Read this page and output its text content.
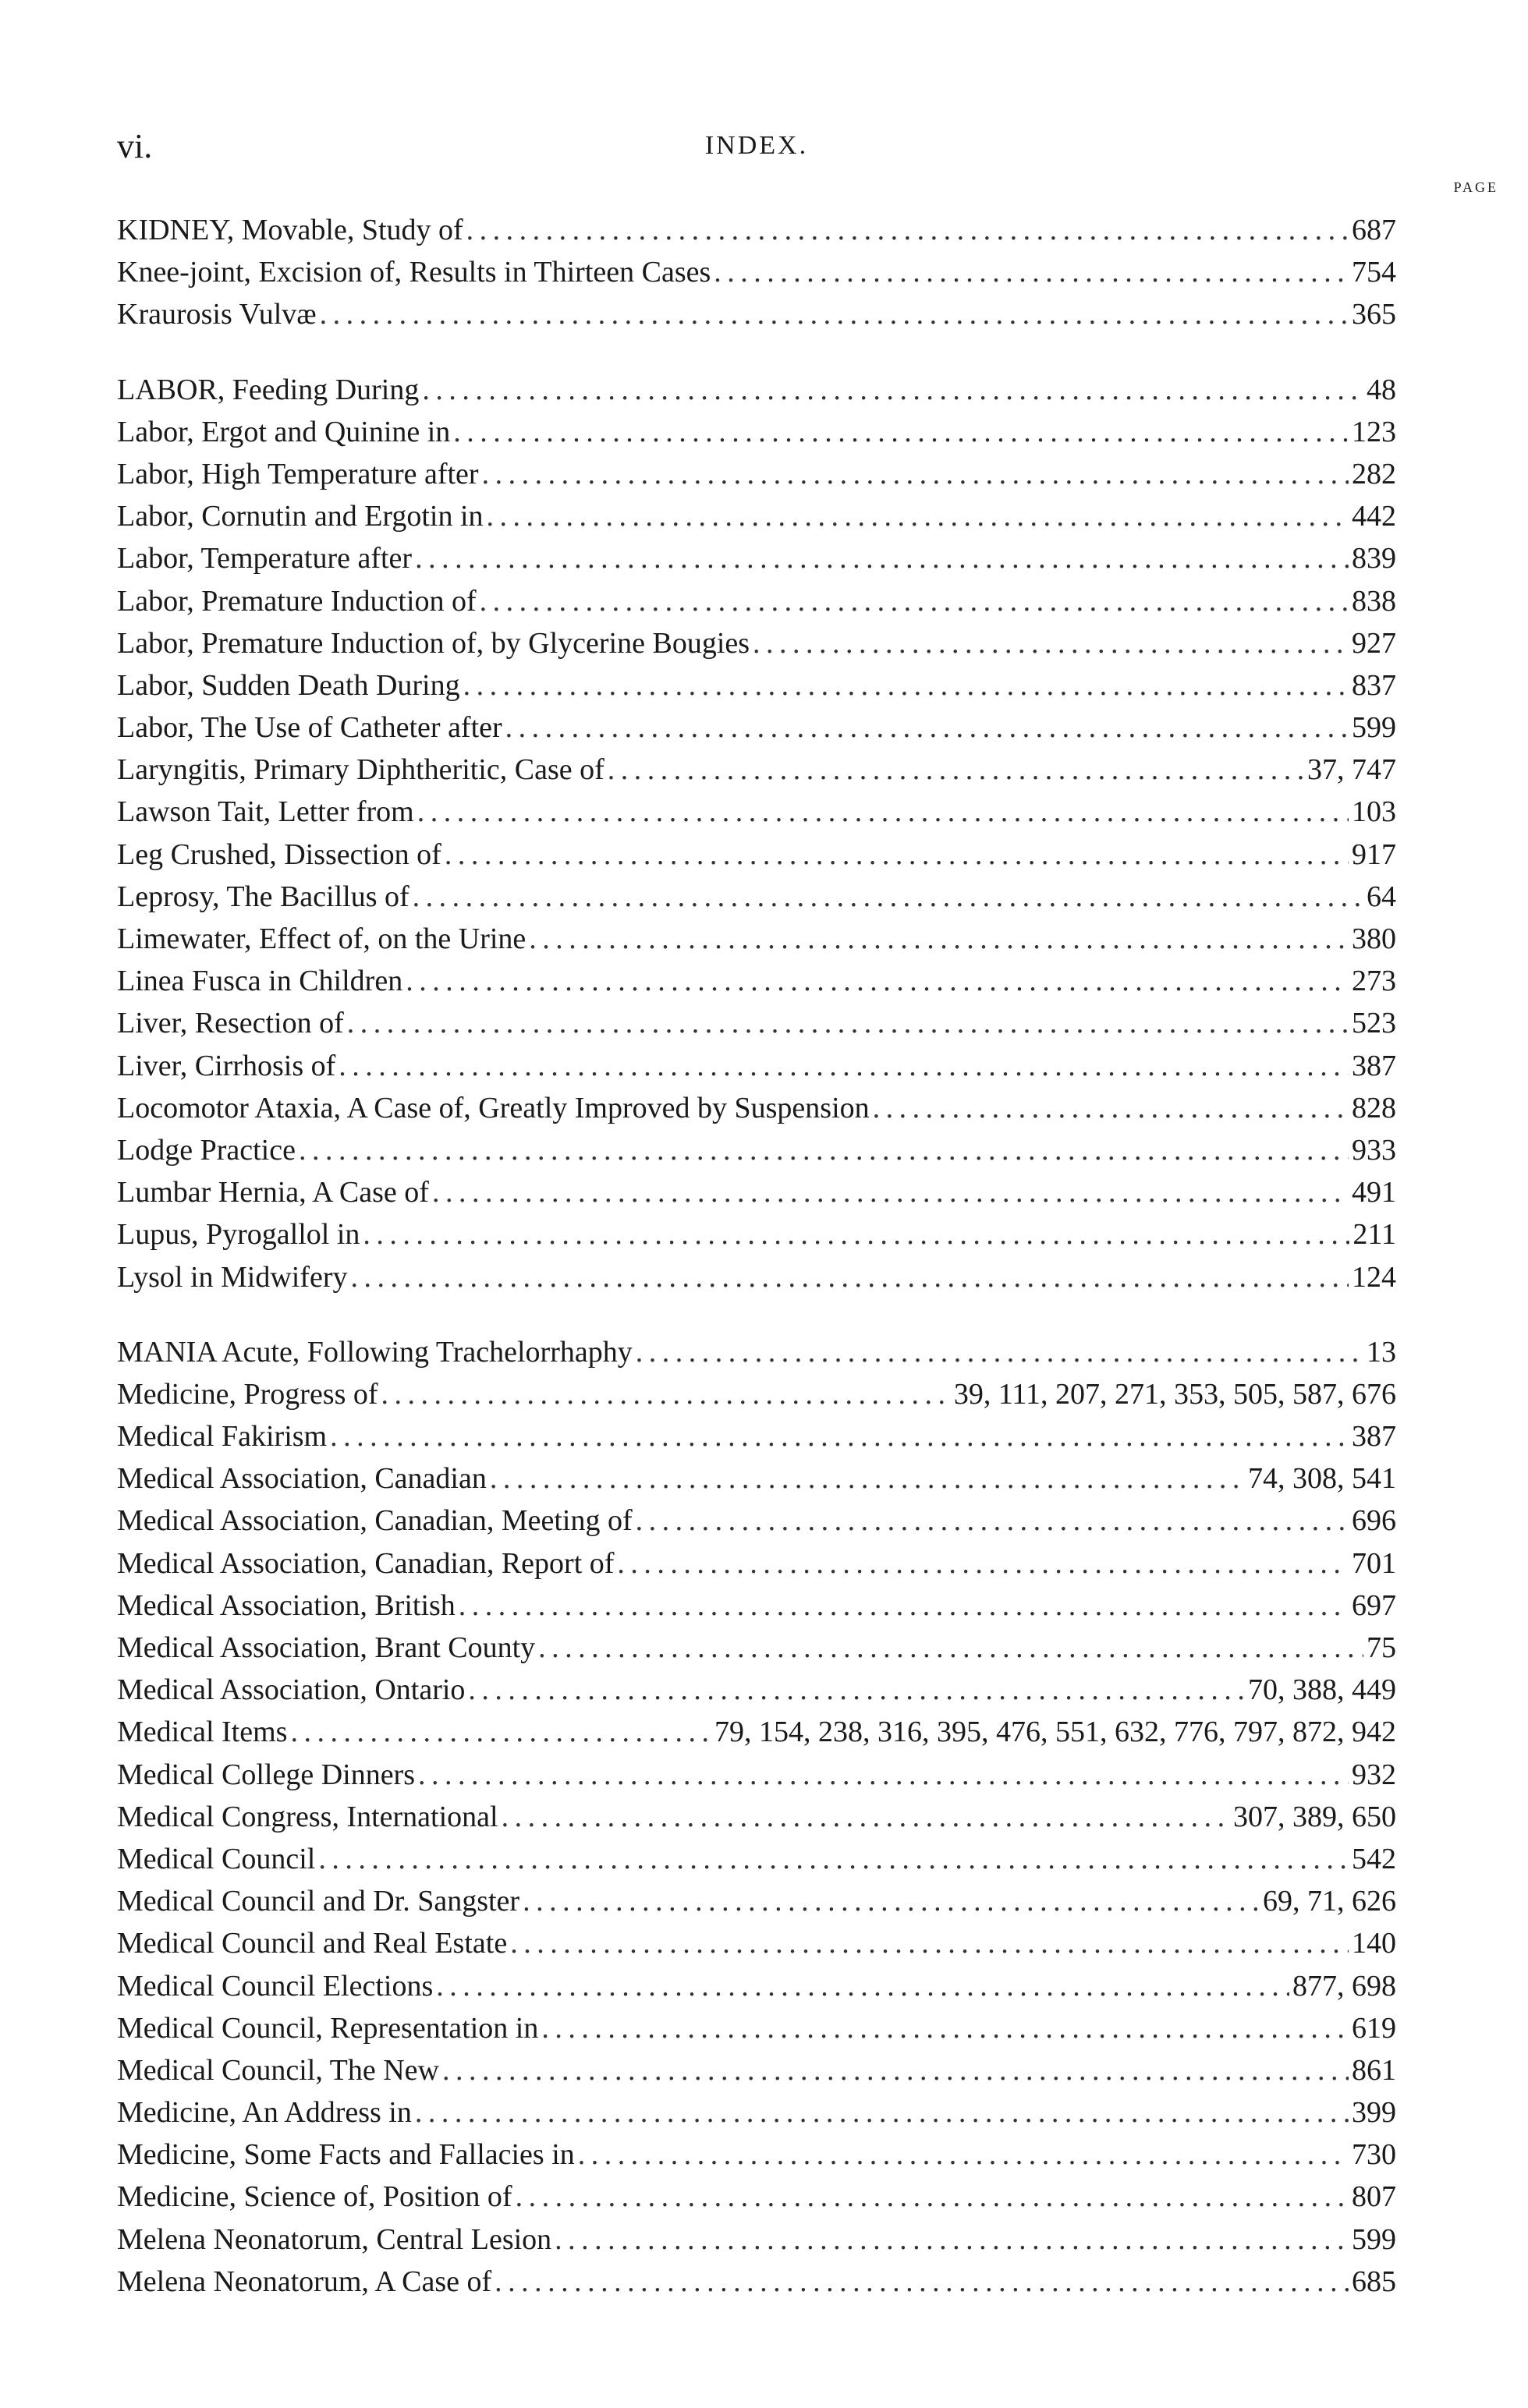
vi.	INDEX.
PAGE
KIDNEY, Movable, Study of . . .	687
Knee-joint, Excision of, Results in Thirteen Cases . . .	754
Kraurosis Vulvæ . . .	365
LABOR, Feeding During . . .	48
Labor, Ergot and Quinine in . . .	123
Labor, High Temperature after . . .	282
Labor, Cornutin and Ergotin in . . .	442
Labor, Temperature after . . .	839
Labor, Premature Induction of . . .	838
Labor, Premature Induction of, by Glycerine Bougies . . .	927
Labor, Sudden Death During . . .	837
Labor, The Use of Catheter after . . .	599
Laryngitis, Primary Diphtheritic, Case of . . .	37, 747
Lawson Tait, Letter from . . .	103
Leg Crushed, Dissection of . . .	917
Leprosy, The Bacillus of . . .	64
Limewater, Effect of, on the Urine . . .	380
Linea Fusca in Children . . .	273
Liver, Resection of . . .	523
Liver, Cirrhosis of . . .	387
Locomotor Ataxia, A Case of, Greatly Improved by Suspension . . .	828
Lodge Practice . . .	933
Lumbar Hernia, A Case of . . .	491
Lupus, Pyrogallol in . . .	211
Lysol in Midwifery . . .	124
MANIA Acute, Following Trachelorrhaphy . . .	13
Medicine, Progress of . . .	39, 111, 207, 271, 353, 505, 587, 676
Medical Fakirism . . .	387
Medical Association, Canadian . . .	74, 308, 541
Medical Association, Canadian, Meeting of . . .	696
Medical Association, Canadian, Report of . . .	701
Medical Association, British . . .	697
Medical Association, Brant County . . .	75
Medical Association, Ontario . . .	70, 388, 449
Medical Items . . .	79, 154, 238, 316, 395, 476, 551, 632, 776, 797, 872, 942
Medical College Dinners . . .	932
Medical Congress, International . . .	307, 389, 650
Medical Council . . .	542
Medical Council and Dr. Sangster . . .	69, 71, 626
Medical Council and Real Estate . . .	140
Medical Council Elections . . .	877, 698
Medical Council, Representation in . . .	619
Medical Council, The New . . .	861
Medicine, An Address in . . .	399
Medicine, Some Facts and Fallacies in . . .	730
Medicine, Science of, Position of . . .	807
Melena Neonatorum, Central Lesion . . .	599
Melena Neonatorum, A Case of . . .	685
